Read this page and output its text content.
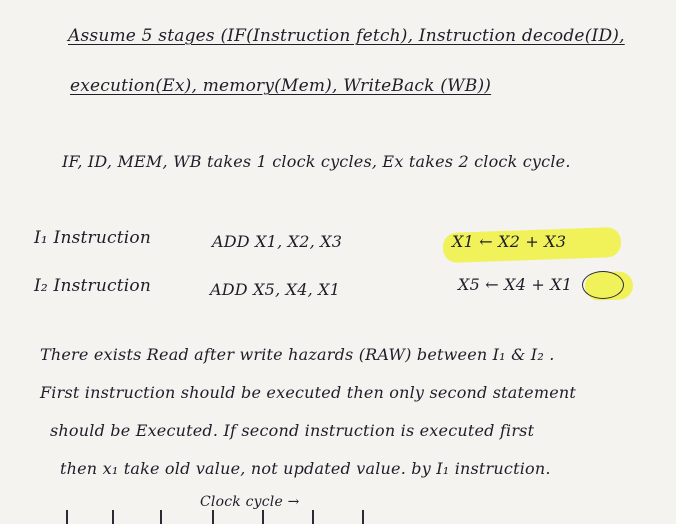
Assume 5 stages (IF(Instruction fetch), Instruction decode(ID),
execution(Ex), memory(Mem), WriteBack (WB))
IF, ID, MEM, WB takes 1 clock cycles, Ex takes 2 clock cycle.
I₁ Instruction	ADD X1, X2, X3	X1 ← X2 + X3
I₂ Instruction	ADD X5, X4, X1	X5 ← X4 + X1
There exists Read after write hazards (RAW) between I₁ & I₂ .
First instruction should be executed then only second statement
should be Executed. If second instruction is executed first
then x₁ take old value, not updated value. by I₁ instruction.
Clock cycle →
